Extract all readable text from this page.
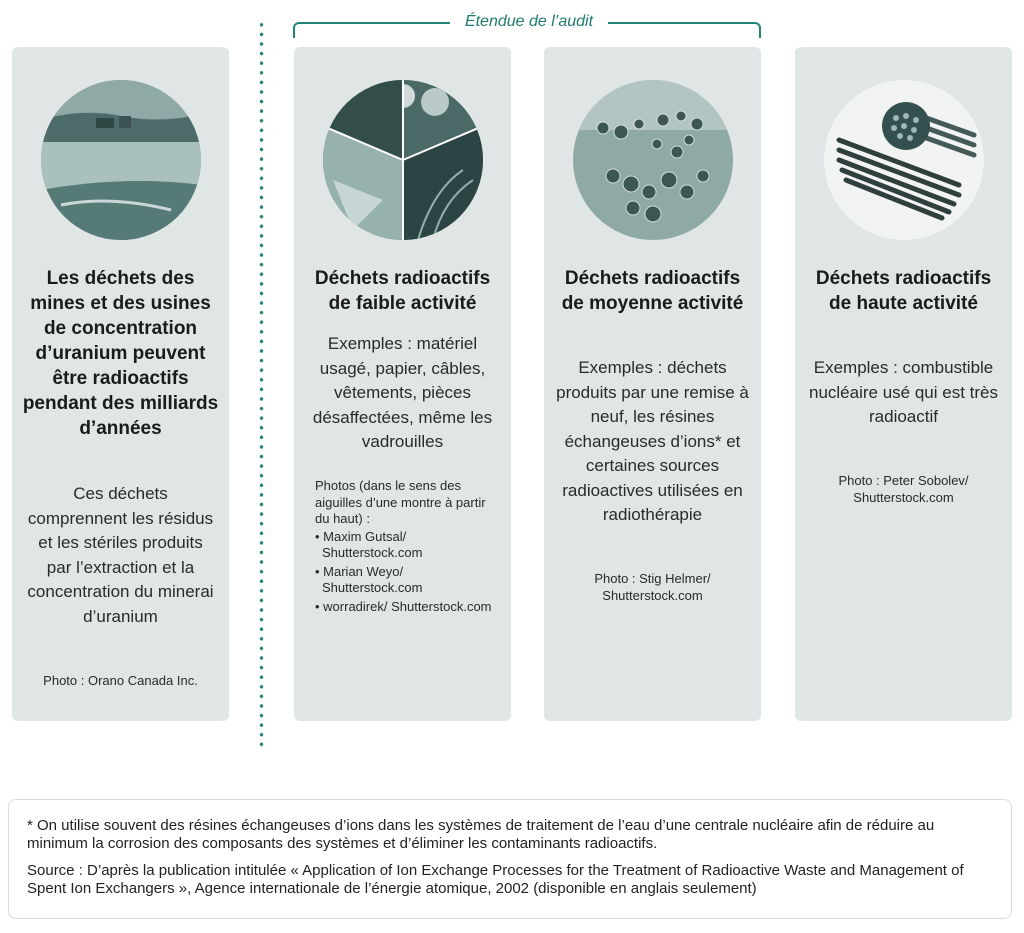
Étendue de l’audit
Les déchets des mines et des usines de concentration d’uranium peuvent être radioactifs pendant des milliards d’années
Ces déchets comprennent les résidus et les stériles produits par l’extraction et la concentration du minerai d’uranium
Photo : Orano Canada Inc.
Déchets radioactifs de faible activité
Exemples : matériel usagé, papier, câbles, vêtements, pièces désaffectées, même les vadrouilles
Photos (dans le sens des aiguilles d’une montre à partir du haut) :
• Maxim Gutsal/ Shutterstock.com
• Marian Weyo/ Shutterstock.com
• worradirek/ Shutterstock.com
Déchets radioactifs de moyenne activité
Exemples : déchets produits par une remise à neuf, les résines échangeuses d’ions* et certaines sources radioactives utilisées en radiothérapie
Photo : Stig Helmer/ Shutterstock.com
Déchets radioactifs de haute activité
Exemples : combustible nucléaire usé qui est très radioactif
Photo : Peter Sobolev/ Shutterstock.com

* On utilise souvent des résines échangeuses d’ions dans les systèmes de traitement de l’eau d’une centrale nucléaire afin de réduire au minimum la corrosion des composants des systèmes et d’éliminer les contaminants radioactifs.

Source : D’après la publication intitulée « Application of Ion Exchange Processes for the Treatment of Radioactive Waste and Management of Spent Ion Exchangers », Agence internationale de l’énergie atomique, 2002 (disponible en anglais seulement)
